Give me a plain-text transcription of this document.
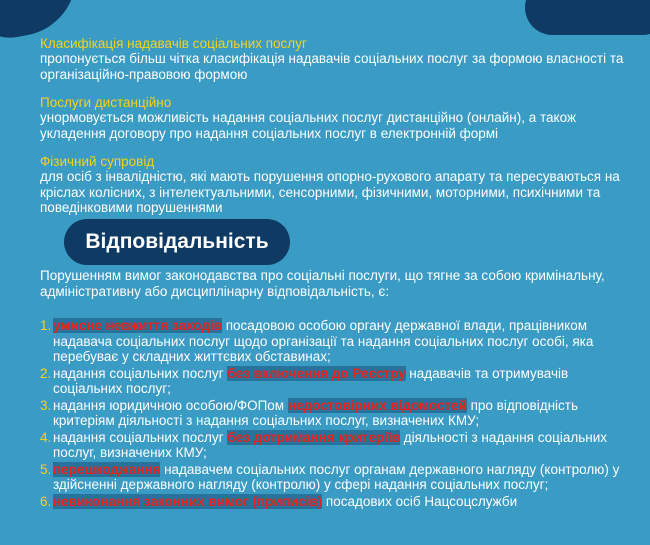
Класифікація надавачів соціальних послуг
пропонується більш чітка класифікація надавачів соціальних послуг за формою власності та організаційно-правовою формою
Послуги дистанційно
унормовується можливість надання соціальних послуг дистанційно (онлайн), а також укладення договору про надання соціальних послуг в електронній формі
Фізичний супровід
для осіб з інвалідністю, які мають порушення опорно-рухового апарату та пересуваються на кріслах колісних, з інтелектуальними, сенсорними, фізичними, моторними, психічними та поведінковими порушеннями
Відповідальність
Порушенням вимог законодавства про соціальні послуги, що тягне за собою кримінальну, адміністративну або дисциплінарну відповідальність, є:
1. умисне невжиття заходів посадовою особою органу державної влади, працівником надавача соціальних послуг щодо організації та надання соціальних послуг особі, яка перебуває у складних життєвих обставинах;
2. надання соціальних послуг без включення до Реєстру надавачів та отримувачів соціальних послуг;
3. надання юридичною особою/ФОПом недостовірних відомостей про відповідність критеріям діяльності з надання соціальних послуг, визначених КМУ;
4. надання соціальних послуг без дотримання критеріїв діяльності з надання соціальних послуг, визначених КМУ;
5. перешкоджання надавачем соціальних послуг органам державного нагляду (контролю) у здійсненні державного нагляду (контролю) у сфері надання соціальних послуг;
6. невиконання законних вимог (приписів) посадових осіб Нацсоцслужби
